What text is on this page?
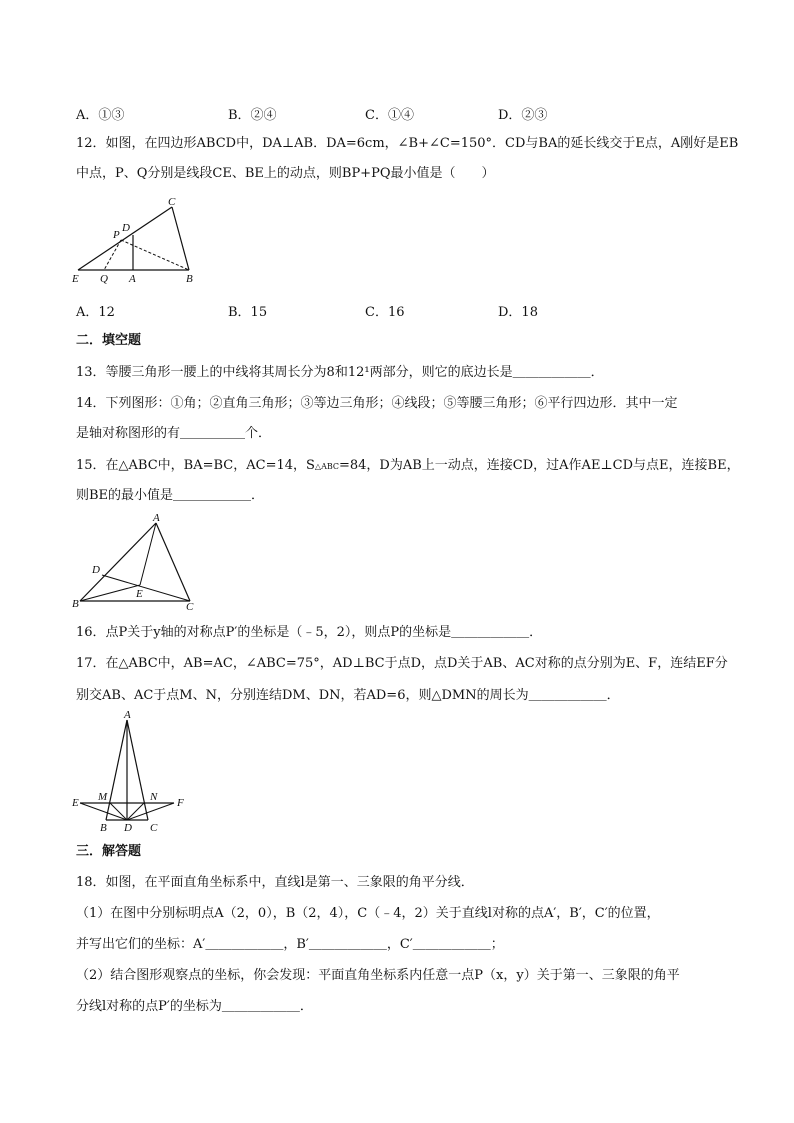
A．①③	B．②④	C．①④	D．②③
12．如图，在四边形ABCD中，DA⊥AB．DA=6cm，∠B+∠C=150°．CD与BA的延长线交于E点，A刚好是EB
中点，P、Q分别是线段CE、BE上的动点，则BP+PQ最小值是（　　）
C
D
P
E Q A	B
A．12	B．15	C．16	D．18
二．填空题
13．等腰三角形一腰上的中线将其周长分为8和12¹两部分，则它的底边长是＿＿＿＿＿＿．
14．下列图形：①角；②直角三角形；③等边三角形；④线段；⑤等腰三角形；⑥平行四边形．其中一定
是轴对称图形的有＿＿＿＿＿个．
15．在△ABC中，BA=BC，AC=14，S△ABC=84，D为AB上一动点，连接CD，过A作AE⊥CD与点E，连接BE，
则BE的最小值是＿＿＿＿＿＿．
A
D
E
B	C
16．点P关于y轴的对称点P′的坐标是（﹣5，2），则点P的坐标是＿＿＿＿＿＿．
17．在△ABC中，AB=AC，∠ABC=75°，AD⊥BC于点D，点D关于AB、AC对称的点分别为E、F，连结EF分
别交AB、AC于点M、N，分别连结DM、DN，若AD=6，则△DMN的周长为＿＿＿＿＿＿．
A
E M	N F
B D C
三．解答题
18．如图，在平面直角坐标系中，直线l是第一、三象限的角平分线．
（1）在图中分别标明点A（2，0），B（2，4），C（﹣4，2）关于直线l对称的点A′，B′，C′的位置，
并写出它们的坐标：A′＿＿＿＿＿＿，B′＿＿＿＿＿＿，C′＿＿＿＿＿＿；
（2）结合图形观察点的坐标，你会发现：平面直角坐标系内任意一点P（x，y）关于第一、三象限的角平
分线l对称的点P′的坐标为＿＿＿＿＿＿．
